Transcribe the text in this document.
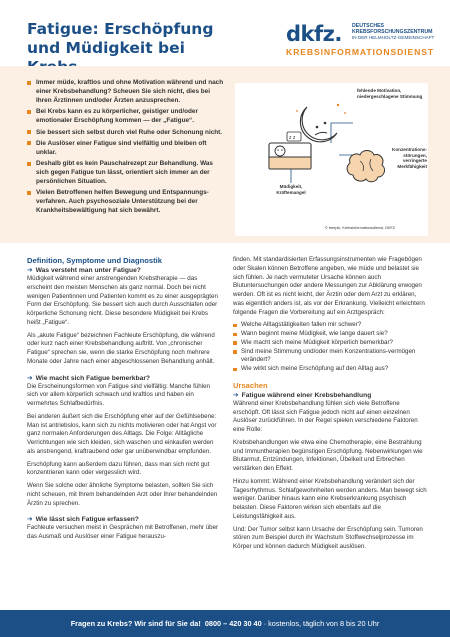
Fatigue: Erschöpfung und Müdigkeit bei
dkfz. DEUTSCHES
KREBSFORSCHUNGSZENTRUM
IN DER HELMHOLTZ-GEMEINSCHAFT
KREBSINFORMATIONSDIENST
Immer müde, kraftlos und ohne Motivation während und nach einer Krebsbehandlung? Scheuen Sie sich nicht, dies bei Ihren Ärztinnen und/oder Ärzten anzusprechen.
Bei Krebs kann es zu körperlicher, geistiger und/oder emotionaler Erschöpfung kommen — der „Fatigue“.
Sie bessert sich selbst durch viel Ruhe oder Schonung nicht.
Die Auslöser einer Fatigue sind vielfältig und bleiben oft unklar.
Deshalb gibt es kein Pauschalrezept zur Behandlung. Was sich gegen Fatigue tun lässt, orientiert sich immer an der persönlichen Situation.
Vielen Betroffenen helfen Bewegung und Entspannungs-verfahren. Auch psychosoziale Unterstützung bei der Krankheitsbewältigung hat sich bewährt.
z z
fehlende Motivation, niedergeschlagene Stimmung
Konzentrations-störungen, verringerte Merkfähigkeit
Müdigkeit, Kräftemangel
© freepik, Krebsinformationsdienst, DKFZ
Definition, Symptome und Diagnostik
➔ Was versteht man unter Fatigue?

Müdigkeit während einer anstrengenden Krebstherapie — das erscheint den meisten Menschen als ganz normal. Doch bei nicht wenigen Patientinnen und Patienten kommt es zu einer ausgeprägten Form der Erschöpfung. Sie bessert sich auch durch Ausschlafen oder körperliche Schonung nicht. Diese besondere Müdigkeit bei Krebs heißt „Fatigue“.

Als „akute Fatigue“ bezeichnen Fachleute Erschöpfung, die während oder kurz nach einer Krebsbehandlung auftritt. Von „chronischer Fatigue“ sprechen sie, wenn die starke Erschöpfung noch mehrere Monate oder Jahre nach einer abgeschlossenen Behandlung anhält.

➔ Wie macht sich Fatigue bemerkbar?

Die Erscheinungsformen von Fatigue sind vielfältig: Manche fühlen sich vor allem körperlich schwach und kraftlos und haben ein vermehrtes Schlafbedürfnis.

Bei anderen äußert sich die Erschöpfung eher auf der Gefühlsebene: Man ist antriebslos, kann sich zu nichts motivieren oder hat Angst vor ganz normalen Anforderungen des Alltags. Die Folge: Alltägliche Verrichtungen wie sich kleiden, sich waschen und einkaufen werden als anstrengend, kraftraubend oder gar unüberwindbar empfunden.

Erschöpfung kann außerdem dazu führen, dass man sich nicht gut konzentrieren kann oder vergesslich wird.

Wenn Sie solche oder ähnliche Symptome belasten, sollten Sie sich nicht scheuen, mit Ihrem behandelnden Arzt oder Ihrer behandelnden Ärztin zu sprechen.

➔ Wie lässt sich Fatigue erfassen?

Fachleute versuchen meist in Gesprächen mit Betroffenen, mehr über das Ausmaß und Auslöser einer Fatigue herauszu-

finden. Mit standardisierten Erfassungsinstrumenten wie Fragebögen oder Skalen können Betroffene angeben, wie müde und belastet sie sich fühlen. Je nach vermuteter Ursache können auch Blutuntersuchungen oder andere Messungen zur Abklärung erwogen werden. Oft ist es nicht leicht, der Ärztin oder dem Arzt zu erklären, was eigentlich anders ist, als vor der Erkrankung. Vielleicht erleichtern folgende Fragen die Vorbereitung auf ein Arztgespräch:

Welche Alltagstätigkeiten fallen mir schwer?
Wann beginnt meine Müdigkeit, wie lange dauert sie?
Wie macht sich meine Müdigkeit körperlich bemerkbar?
Sind meine Stimmung und/oder mein Konzentrations-vermögen verändert?
Wie wirkt sich meine Erschöpfung auf den Alltag aus?
Ursachen
➔ Fatigue während einer Krebsbehandlung

Während einer Krebsbehandlung fühlen sich viele Betroffene erschöpft. Oft lässt sich Fatigue jedoch nicht auf einen einzelnen Auslöser zurückführen. In der Regel spielen verschiedene Faktoren eine Rolle:

Krebsbehandlungen wie etwa eine Chemotherapie, eine Bestrahlung und Immuntherapien begünstigen Erschöpfung. Nebenwirkungen wie Blutarmut, Entzündungen, Infektionen, Übelkeit und Erbrechen verstärken den Effekt.

Hinzu kommt: Während einer Krebsbehandlung verändert sich der Tagesrhythmus. Schlafgewohnheiten werden anders. Man bewegt sich weniger. Darüber hinaus kann eine Krebserkrankung psychisch belasten. Diese Faktoren wirken sich ebenfalls auf die Leistungsfähigkeit aus.

Und: Der Tumor selbst kann Ursache der Erschöpfung sein. Tumoren stören zum Beispiel durch ihr Wachstum Stoffwechselprozesse im Körper und können dadurch Müdigkeit auslösen.

Fragen zu Krebs? Wir sind für Sie da! 0800 – 420 30 40 · kostenlos, täglich von 8 bis 20 Uhr
